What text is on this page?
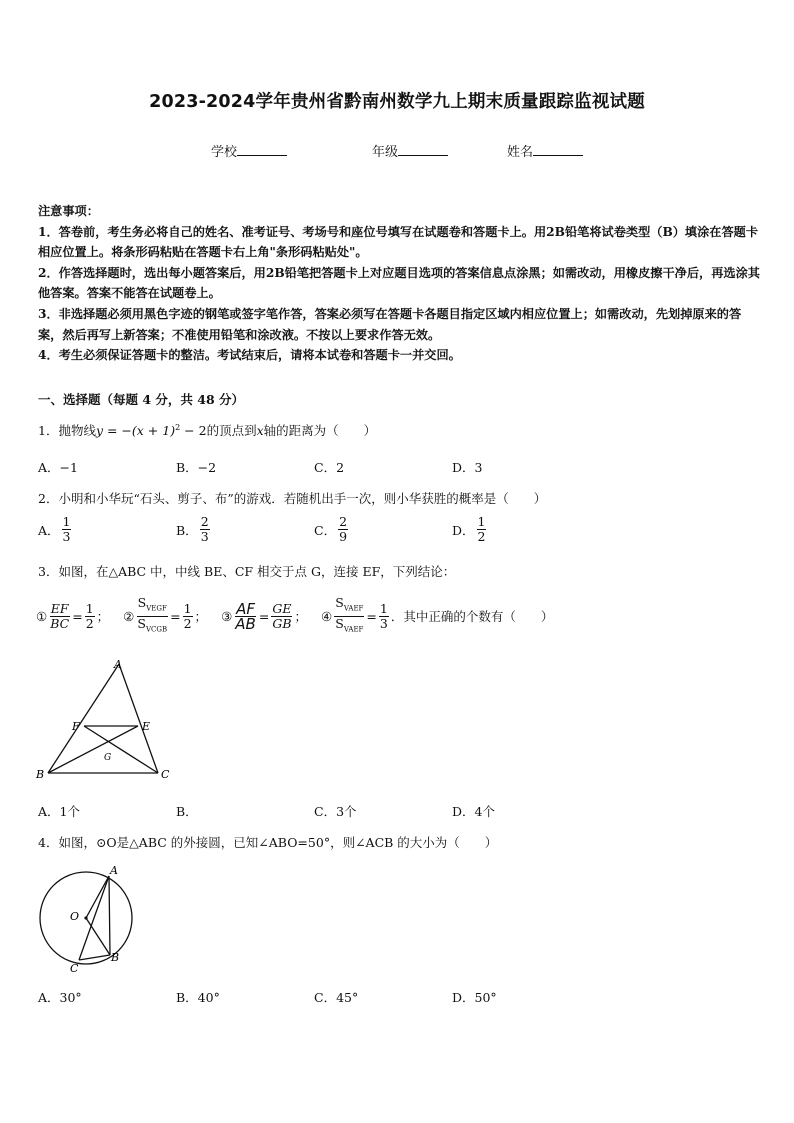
2023-2024学年贵州省黔南州数学九上期末质量跟踪监视试题
学校	年级	姓名
注意事项：
1．答卷前，考生务必将自己的姓名、准考证号、考场号和座位号填写在试题卷和答题卡上。用2B铅笔将试卷类型（B）填涂在答题卡相应位置上。将条形码粘贴在答题卡右上角"条形码粘贴处"。
2．作答选择题时，选出每小题答案后，用2B铅笔把答题卡上对应题目选项的答案信息点涂黑；如需改动，用橡皮擦干净后，再选涂其他答案。答案不能答在试题卷上。
3．非选择题必须用黑色字迹的钢笔或签字笔作答，答案必须写在答题卡各题目指定区域内相应位置上；如需改动，先划掉原来的答案，然后再写上新答案；不准使用铅笔和涂改液。不按以上要求作答无效。
4．考生必须保证答题卡的整洁。考试结束后，请将本试卷和答题卡一并交回。
一、选择题（每题 4 分，共 48 分）
1．抛物线$y = -(x + 1)^2 - 2$的顶点到x轴的距离为（　　）
A．−1	B．−2	C．2	D．3
2．小明和小华玩“石头、剪子、布”的游戏．若随机出手一次，则小华获胜的概率是（　　）
A． $\frac{1}{3}$	B． $\frac{2}{3}$	C． $\frac{2}{9}$	D． $\frac{1}{2}$
3．如图，在△ABC 中，中线 BE、CF 相交于点 G，连接 EF，下列结论：
① $\frac{EF}{BC} = \frac{1}{2}$ ； ② $\frac{S_{VEGF}}{S_{VCGB}} = \frac{1}{2}$ ； ③ $\frac{AF}{AB} = \frac{GE}{GB}$ ； ④ $\frac{S_{VAEF}}{S_{VAEF}} = \frac{1}{3}$ ．其中正确的个数有（　　）
A
F	E
G
B	C
A．1个	B．	C．3个	D．4个
4．如图，⊙O是△ABC 的外接圆，已知∠ABO=50°，则∠ACB 的大小为（　　）
A
O
C
B
A．30°	B．40°	C．45°	D．50°
